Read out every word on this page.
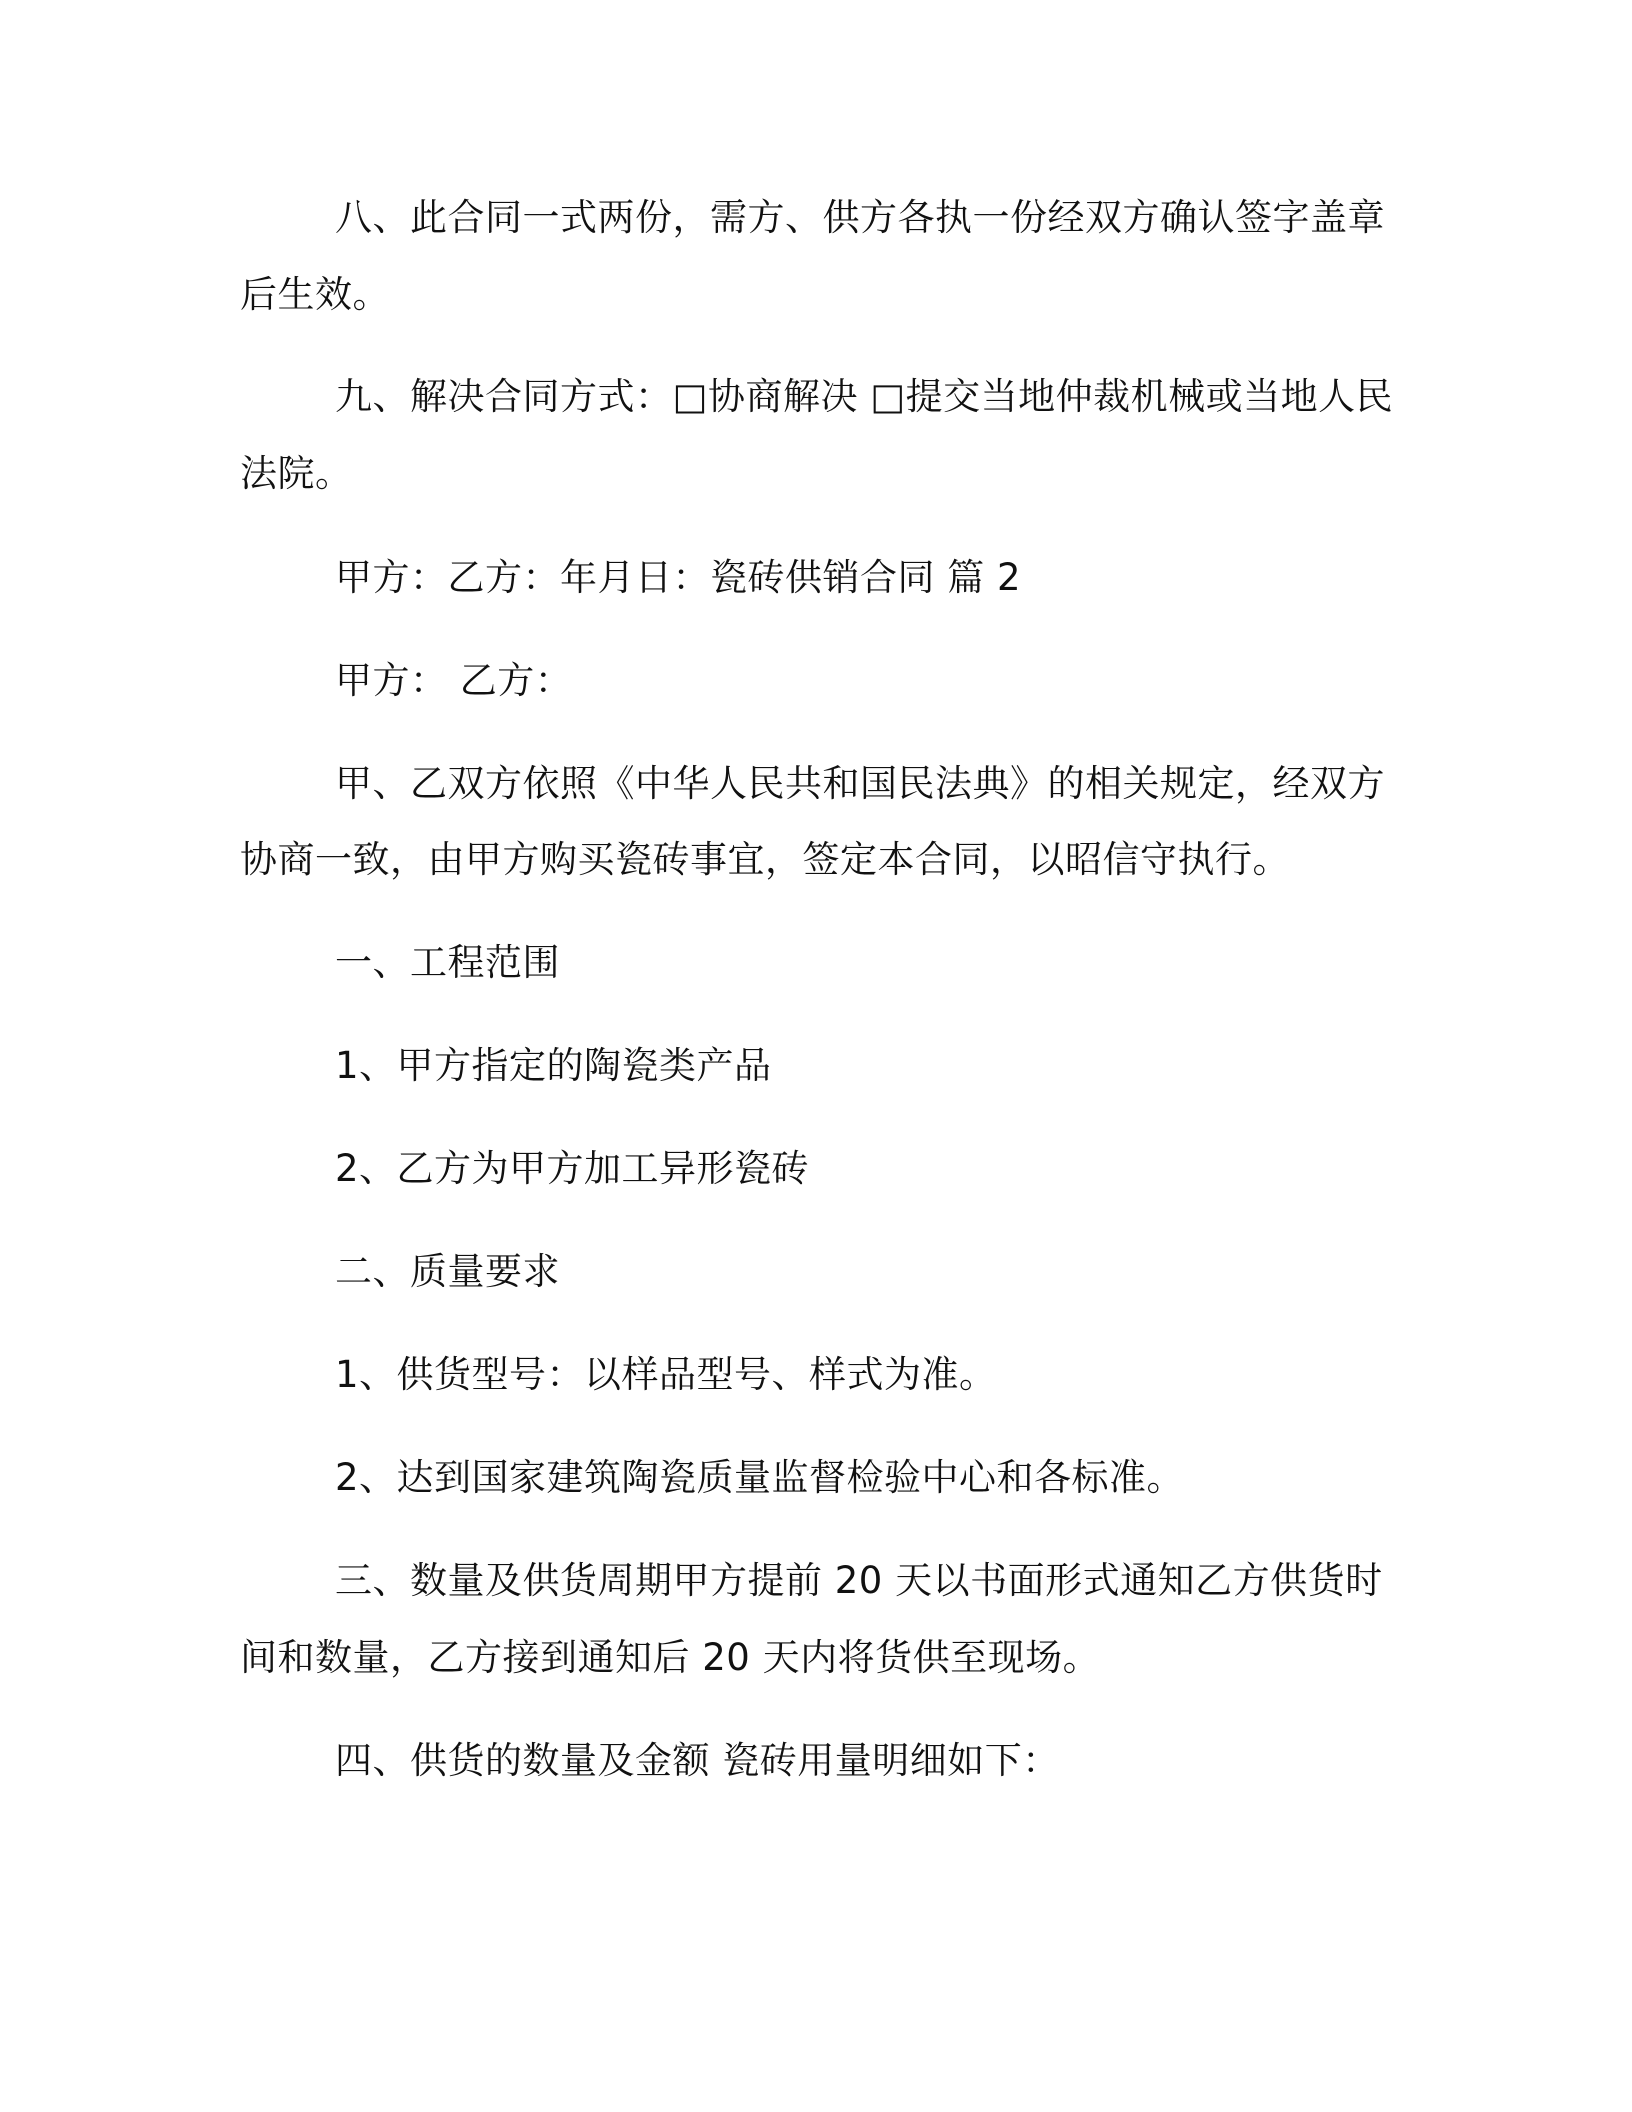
八、此合同一式两份，需方、供方各执一份经双方确认签字盖章
后生效。
九、解决合同方式：□协商解决 □提交当地仲裁机械或当地人民
法院。
甲方：乙方：年月日：瓷砖供销合同 篇 2
甲方： 乙方：
甲、乙双方依照《中华人民共和国民法典》的相关规定，经双方
协商一致，由甲方购买瓷砖事宜，签定本合同，以昭信守执行。
一、工程范围
1、甲方指定的陶瓷类产品
2、乙方为甲方加工异形瓷砖
二、质量要求
1、供货型号：以样品型号、样式为准。
2、达到国家建筑陶瓷质量监督检验中心和各标准。
三、数量及供货周期甲方提前 20 天以书面形式通知乙方供货时
间和数量，乙方接到通知后 20 天内将货供至现场。
四、供货的数量及金额 瓷砖用量明细如下：
